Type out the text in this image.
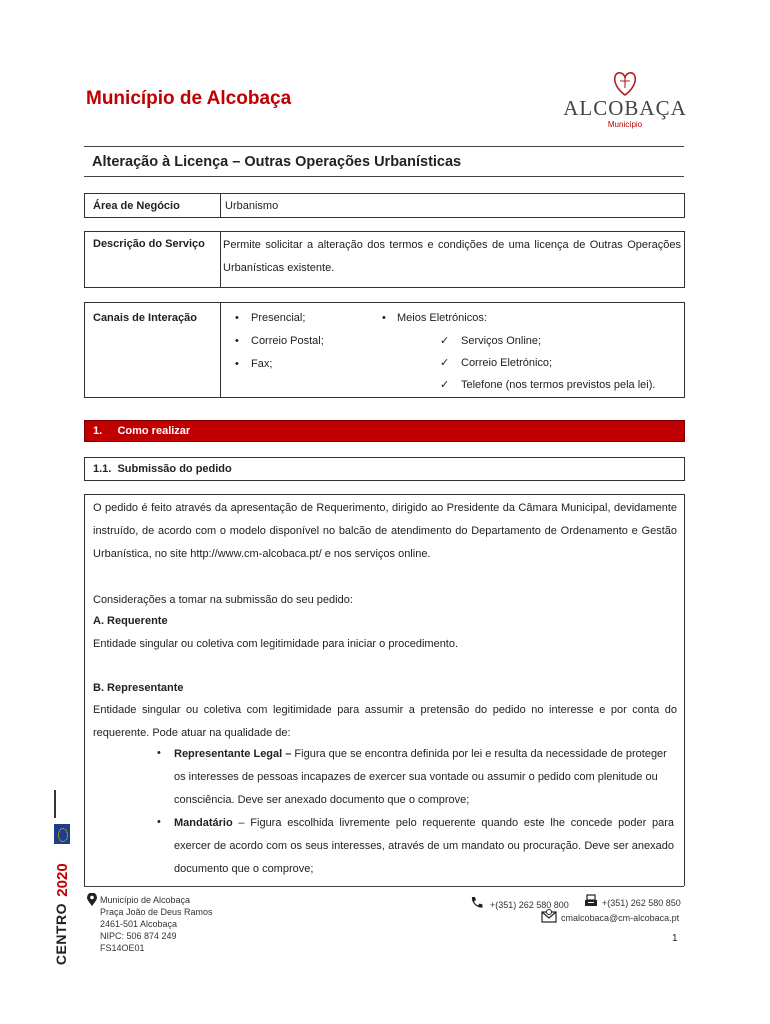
Município de Alcobaça	ALCOBAÇA
Município
Alteração à Licença – Outras Operações Urbanísticas
Área de Negócio	Urbanismo
Descrição do Serviço Permite solicitar a alteração dos termos e condições de uma licença de Outras Operações Urbanísticas existente.
Canais de Interação	• Presencial;
• Correio Postal;
• Fax;
• Meios Eletrónicos:
✓ Serviços Online;
✓ Correio Eletrónico;
✓ Telefone (nos termos previstos pela lei).
1.     Como realizar
1.1.  Submissão do pedido
O pedido é feito através da apresentação de Requerimento, dirigido ao Presidente da Câmara Municipal, devidamente instruído, de acordo com o modelo disponível no balcão de atendimento do Departamento de Ordenamento e Gestão Urbanística, no site http://www.cm-alcobaca.pt/ e nos serviços online.
Considerações a tomar na submissão do seu pedido:
A. Requerente
Entidade singular ou coletiva com legitimidade para iniciar o procedimento.
B. Representante
Entidade singular ou coletiva com legitimidade para assumir a pretensão do pedido no interesse e por conta do requerente. Pode atuar na qualidade de:
• Representante Legal – Figura que se encontra definida por lei e resulta da necessidade de proteger os interesses de pessoas incapazes de exercer sua vontade ou assumir o pedido com plenitude ou consciência. Deve ser anexado documento que o comprove;
• Mandatário – Figura escolhida livremente pelo requerente quando este lhe concede poder para exercer de acordo com os seus interesses, através de um mandato ou procuração. Deve ser anexado documento que o comprove;
Município de Alcobaça
Praça João de Deus Ramos
2461-501 Alcobaça
NIPC: 506 874 249
FS14OE01
+(351) 262 580 800	+(351) 262 580 850
cmalcobaca@cm-alcobaca.pt
1
2020
CENTRO
